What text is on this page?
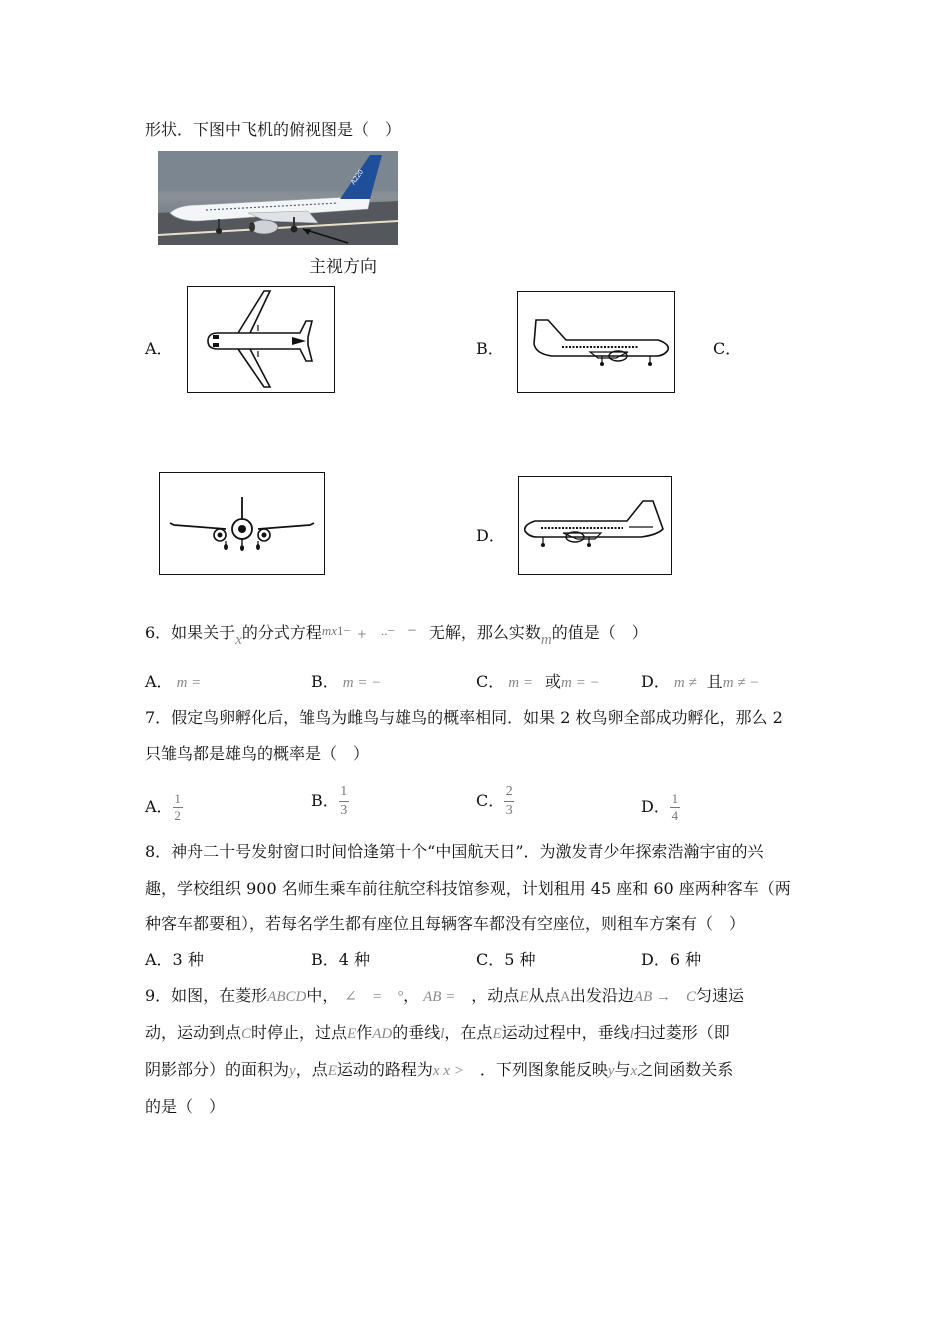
形状．下图中飞机的俯视图是（　）
A220
主视方向
A．	B．	C．
D．
6．如果关于x的分式方程mx1− + ..− − 无解，那么实数m的值是（　）
A． m =	B． m = −	C． m = 或m = −	D． m ≠ 且m ≠ −
7．假定鸟卵孵化后，雏鸟为雌鸟与雄鸟的概率相同．如果 2 枚鸟卵全部成功孵化，那么 2
只雏鸟都是雄鸟的概率是（　）
A．$\frac{1}{2}$	B．$\frac{1}{3}$	C．$\frac{2}{3}$	D．$\frac{1}{4}$
8．神舟二十号发射窗口时间恰逢第十个“中国航天日”．为激发青少年探索浩瀚宇宙的兴
趣，学校组织 900 名师生乘车前往航空科技馆参观，计划租用 45 座和 60 座两种客车（两
种客车都要租），若每名学生都有座位且每辆客车都没有空座位，则租车方案有（　）
A．3 种	B．4 种	C．5 种	D．6 种
9．如图，在菱形ABCD中， ∠　=　°， AB = ，动点E从点A出发沿边AB →　C匀速运
动，运动到点C时停止，过点E作AD的垂线l，在点E运动过程中，垂线l扫过菱形（即
阴影部分）的面积为y，点E运动的路程为x x > ．下列图象能反映y与x之间函数关系
的是（　）
